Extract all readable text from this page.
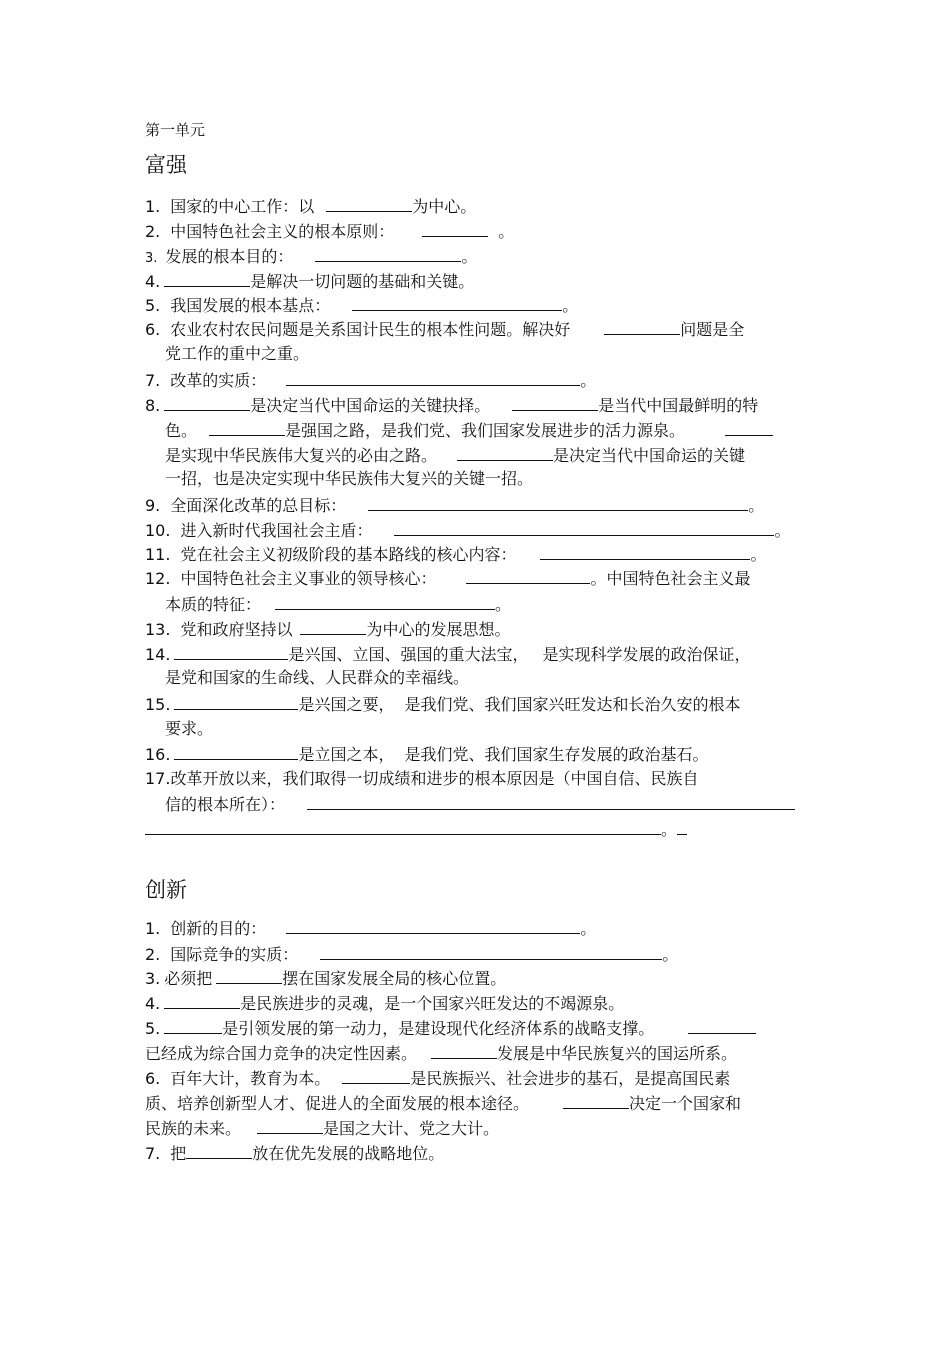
第一单元
富强
1. 国家的中心工作：以	为中心。
2. 中国特色社会主义的根本原则：	。
3. 发展的根本目的：	。
4.	是解决一切问题的基础和关键。
5. 我国发展的根本基点：	。
6. 农业农村农民问题是关系国计民生的根本性问题。解决好	问题是全
党工作的重中之重。
7. 改革的实质：	。
8.	是决定当代中国命运的关键抉择。	是当代中国最鲜明的特
色。	是强国之路，是我们党、我们国家发展进步的活力源泉。
是实现中华民族伟大复兴的必由之路。	是决定当代中国命运的关键
一招，也是决定实现中华民族伟大复兴的关键一招。
9. 全面深化改革的总目标：	。
10. 进入新时代我国社会主盾：	。
11. 党在社会主义初级阶段的基本路线的核心内容：	。
12. 中国特色社会主义事业的领导核心：	。中国特色社会主义最
本质的特征：	。
13. 党和政府坚持以	为中心的发展思想。
14.	是兴国、立国、强国的重大法宝， 是实现科学发展的政治保证，
是党和国家的生命线、人民群众的幸福线。
15.	是兴国之要， 是我们党、我们国家兴旺发达和长治久安的根本
要求。
16.	是立国之本， 是我们党、我们国家生存发展的政治基石。
17.改革开放以来，我们取得一切成绩和进步的根本原因是（中国自信、民族自
信的根本所在）：
。
创新
1. 创新的目的：	。
2. 国际竞争的实质：	。
3. 必须把	摆在国家发展全局的核心位置。
4.	是民族进步的灵魂，是一个国家兴旺发达的不竭源泉。
5.	是引领发展的第一动力，是建设现代化经济体系的战略支撑。
已经成为综合国力竞争的决定性因素。	发展是中华民族复兴的国运所系。
6. 百年大计，教育为本。	是民族振兴、社会进步的基石，是提高国民素
质、培养创新型人才、促进人的全面发展的根本途径。	决定一个国家和
民族的未来。	是国之大计、党之大计。
7. 把	放在优先发展的战略地位。
